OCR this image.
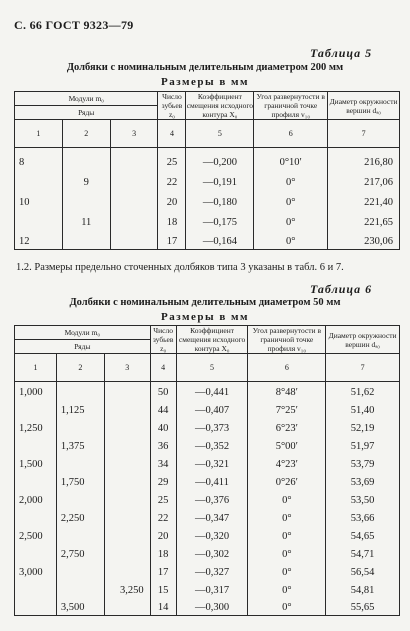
С. 66 ГОСТ 9323—79
Таблица 5
Долбяки с номинальным делительным диаметром 200 мм
Размеры в мм
Модули m₀			Число зубьев z₀	Коэффициент смещения исходного контура X₀	Угол развернутости в граничной точке профиля v₁₀	Диаметр окружности вершин dₐ₀
Ряды						
1	2	3	4	5	6	7
8			25	—0,200	0°10′	216,80
	9		22	—0,191	0°	217,06
10			20	—0,180	0°	221,40
	11		18	—0,175	0°	221,65
12			17	—0,164	0°	230,06
1.2. Размеры предельно сточенных долбяков типа 3 указаны в табл. 6 и 7.
Таблица 6
Долбяки с номинальным делительным диаметром 50 мм
Размеры в мм
Модули m₀			Число зубьев z₀	Коэффициент смещения исходного контура X₀	Угол развернутости в граничной точке профиля v₁₀	Диаметр окружности вершин dₐ₀
Ряды						
1	2	3	4	5	6	7
1,000			50	—0,441	8°48′	51,62
	1,125		44	—0,407	7°25′	51,40
1,250			40	—0,373	6°23′	52,19
	1,375		36	—0,352	5°00′	51,97
1,500			34	—0,321	4°23′	53,79
	1,750		29	—0,411	0°26′	53,69
2,000			25	—0,376	0°	53,50
	2,250		22	—0,347	0°	53,66
2,500			20	—0,320	0°	54,65
	2,750		18	—0,302	0°	54,71
3,000			17	—0,327	0°	56,54
		3,250	15	—0,317	0°	54,81
	3,500		14	—0,300	0°	55,65
